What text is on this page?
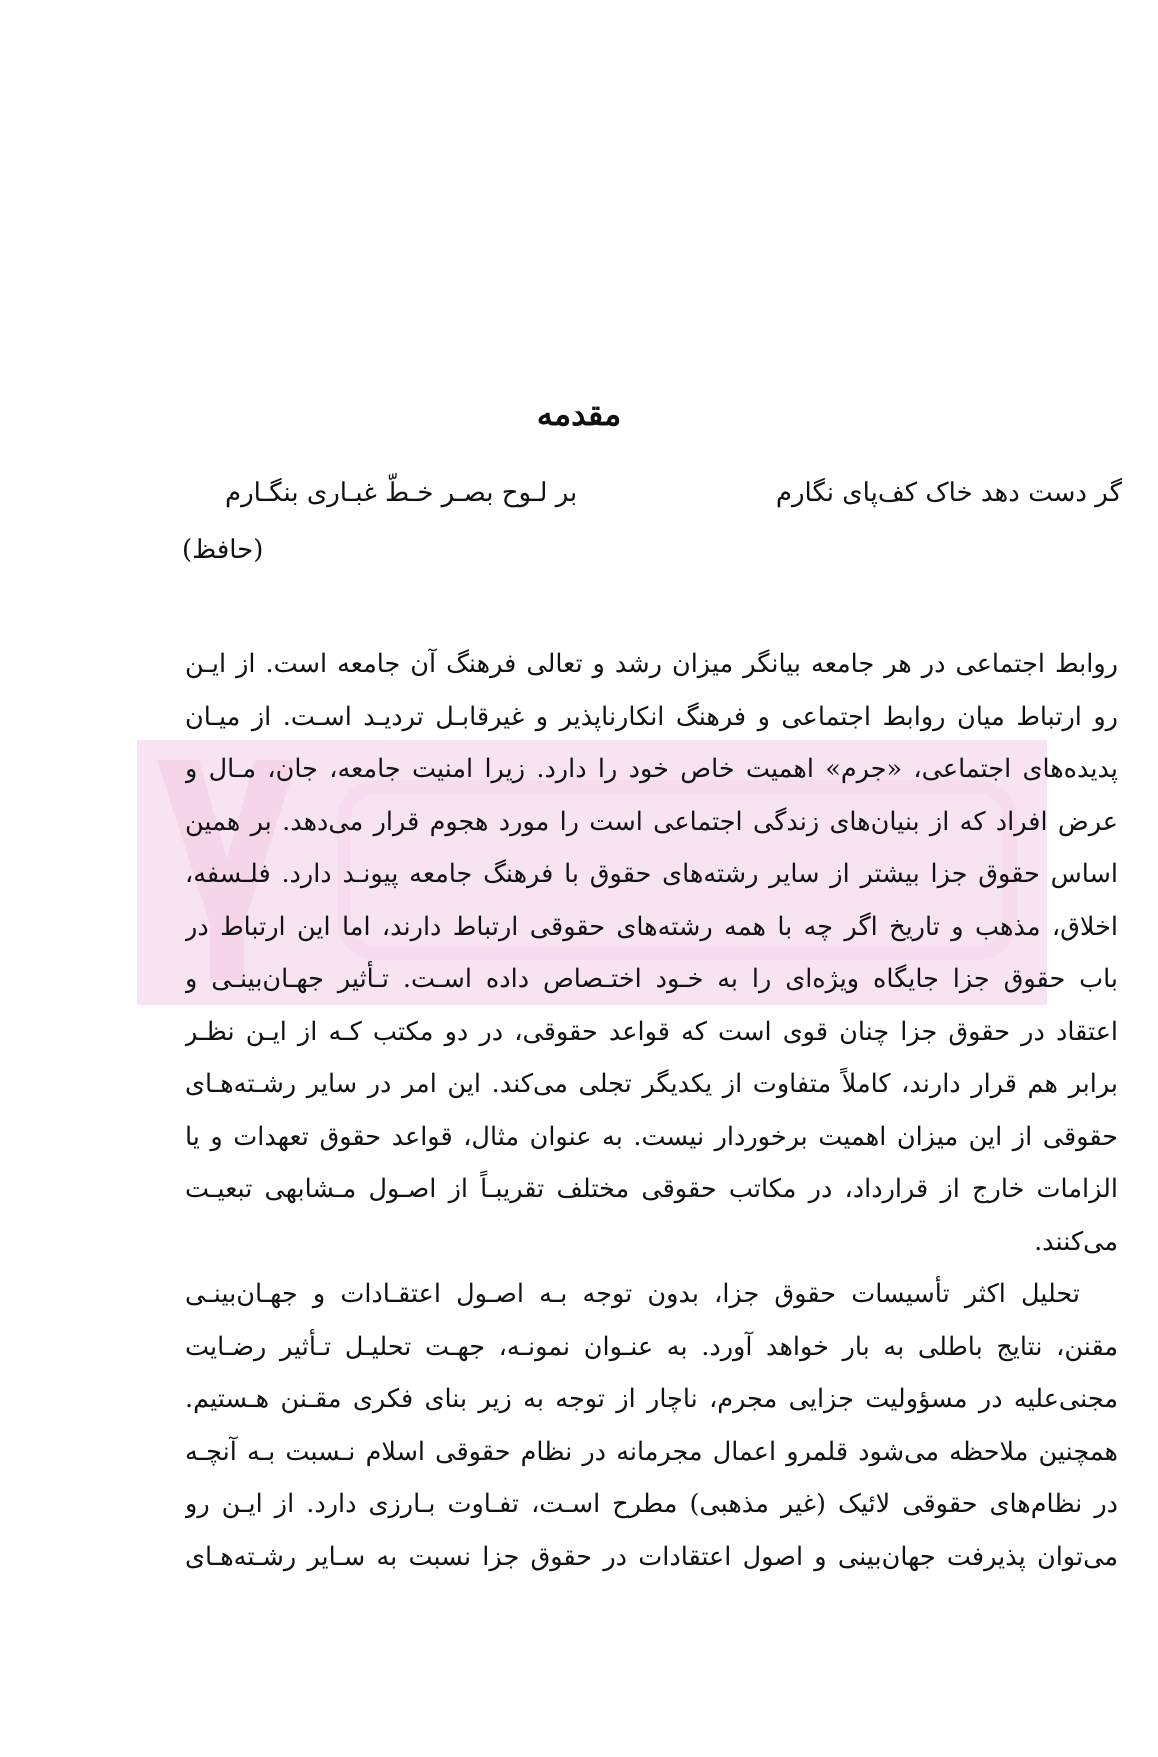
مقدمه
گر دست دهد خاک کف‌پای نگارم
بر لـوح بصـر خـطّ غبـاری بنگـارم
(حافظ)
روابط اجتماعی در هر جامعه بیانگر میزان رشد و تعالی فرهنگ آن جامعه است. از ایـن
رو ارتباط میان روابط اجتماعی و فرهنگ انکارناپذیر و غیرقابـل تردیـد اسـت. از میـان
پدیده‌های اجتماعی، «جرم» اهمیت خاص خود را دارد. زیرا امنیت جامعه، جان، مـال و
عرض افراد که از بنیان‌های زندگی اجتماعی است را مورد هجوم قرار می‌دهد. بر همین
اساس حقوق جزا بیشتر از سایر رشته‌های حقوق با فرهنگ جامعه پیونـد دارد. فلـسفه،
اخلاق، مذهب و تاریخ اگر چه با همه رشته‌های حقوقی ارتباط دارند، اما این ارتباط در
باب حقوق جزا جایگاه ویژه‌ای را به خـود اختـصاص داده اسـت. تـأثیر جهـان‌بینـی و
اعتقاد در حقوق جزا چنان قوی است که قواعد حقوقی، در دو مکتب کـه از ایـن نظـر
برابر هم قرار دارند، کاملاً متفاوت از یکدیگر تجلی می‌کند. این امر در سایر رشـته‌هـای
حقوقی از این میزان اهمیت برخوردار نیست. به عنوان مثال، قواعد حقوق تعهدات و یا
الزامات خارج از قرارداد، در مکاتب حقوقی مختلف تقریبـاً از اصـول مـشابهی تبعیـت
می‌کنند.
تحلیل اکثر تأسیسات حقوق جزا، بدون توجه بـه اصـول اعتقـادات و جهـان‌بینـی
مقنن، نتایج باطلی به بار خواهد آورد. به عنـوان نمونـه، جهـت تحلیـل تـأثیر رضـایت
مجنی‌علیه در مسؤولیت جزایی مجرم، ناچار از توجه به زیر بنای فکری مقـنن هـستیم.
همچنین ملاحظه می‌شود قلمرو اعمال مجرمانه در نظام حقوقی اسلام نـسبت بـه آنچـه
در نظام‌های حقوقی لائیک (غیر مذهبی) مطرح اسـت، تفـاوت بـارزی دارد. از ایـن رو
می‌توان پذیرفت جهان‌بینی و اصول اعتقادات در حقوق جزا نسبت به سـایر رشـته‌هـای
